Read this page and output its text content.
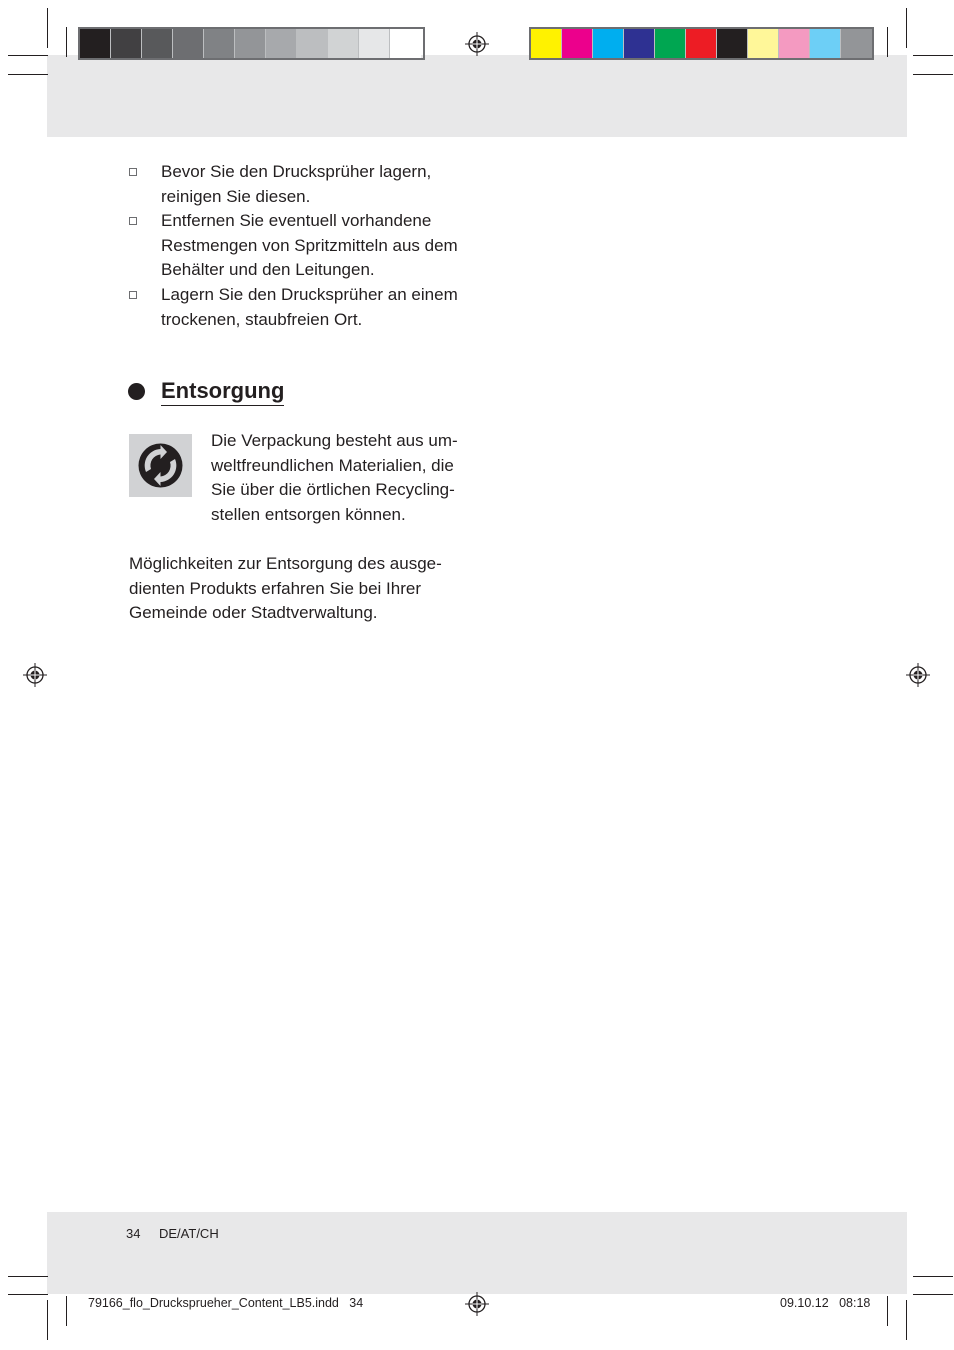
Bevor Sie den Drucksprüher lagern, reinigen Sie diesen.
Entfernen Sie eventuell vorhandene Restmengen von Spritzmitteln aus dem Behälter und den Leitungen.
Lagern Sie den Drucksprüher an einem trockenen, staubfreien Ort.
Entsorgung
Die Verpackung besteht aus um-weltfreundlichen Materialien, die Sie über die örtlichen Recycling-stellen entsorgen können.
Möglichkeiten zur Entsorgung des ausge-dienten Produkts erfahren Sie bei Ihrer Gemeinde oder Stadtverwaltung.
34 DE/AT/CH
79166_flo_Drucksprueher_Content_LB5.indd   34	09.10.12   08:18
